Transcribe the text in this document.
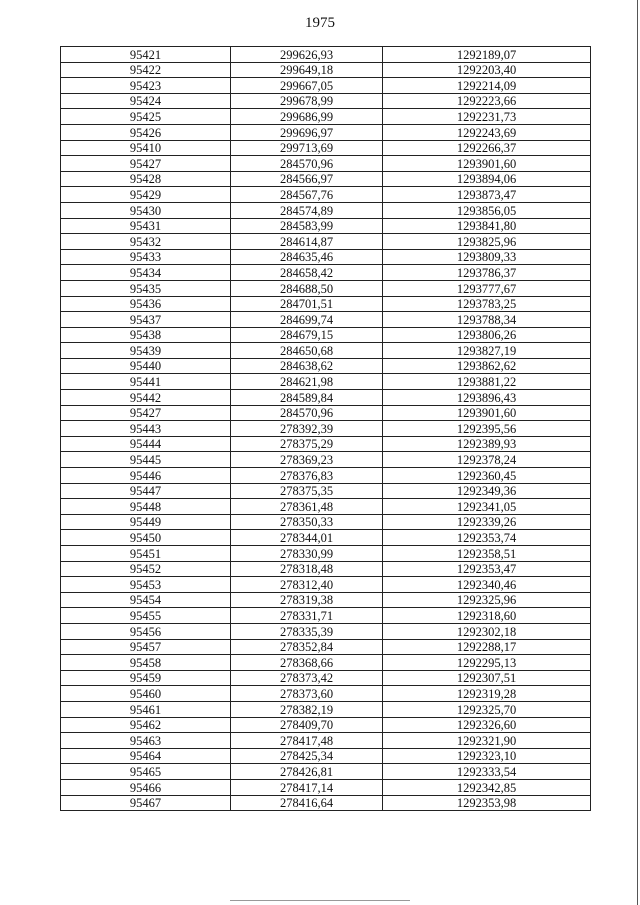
1975
95421	299626,93	1292189,07
95422	299649,18	1292203,40
95423	299667,05	1292214,09
95424	299678,99	1292223,66
95425	299686,99	1292231,73
95426	299696,97	1292243,69
95410	299713,69	1292266,37
95427	284570,96	1293901,60
95428	284566,97	1293894,06
95429	284567,76	1293873,47
95430	284574,89	1293856,05
95431	284583,99	1293841,80
95432	284614,87	1293825,96
95433	284635,46	1293809,33
95434	284658,42	1293786,37
95435	284688,50	1293777,67
95436	284701,51	1293783,25
95437	284699,74	1293788,34
95438	284679,15	1293806,26
95439	284650,68	1293827,19
95440	284638,62	1293862,62
95441	284621,98	1293881,22
95442	284589,84	1293896,43
95427	284570,96	1293901,60
95443	278392,39	1292395,56
95444	278375,29	1292389,93
95445	278369,23	1292378,24
95446	278376,83	1292360,45
95447	278375,35	1292349,36
95448	278361,48	1292341,05
95449	278350,33	1292339,26
95450	278344,01	1292353,74
95451	278330,99	1292358,51
95452	278318,48	1292353,47
95453	278312,40	1292340,46
95454	278319,38	1292325,96
95455	278331,71	1292318,60
95456	278335,39	1292302,18
95457	278352,84	1292288,17
95458	278368,66	1292295,13
95459	278373,42	1292307,51
95460	278373,60	1292319,28
95461	278382,19	1292325,70
95462	278409,70	1292326,60
95463	278417,48	1292321,90
95464	278425,34	1292323,10
95465	278426,81	1292333,54
95466	278417,14	1292342,85
95467	278416,64	1292353,98
